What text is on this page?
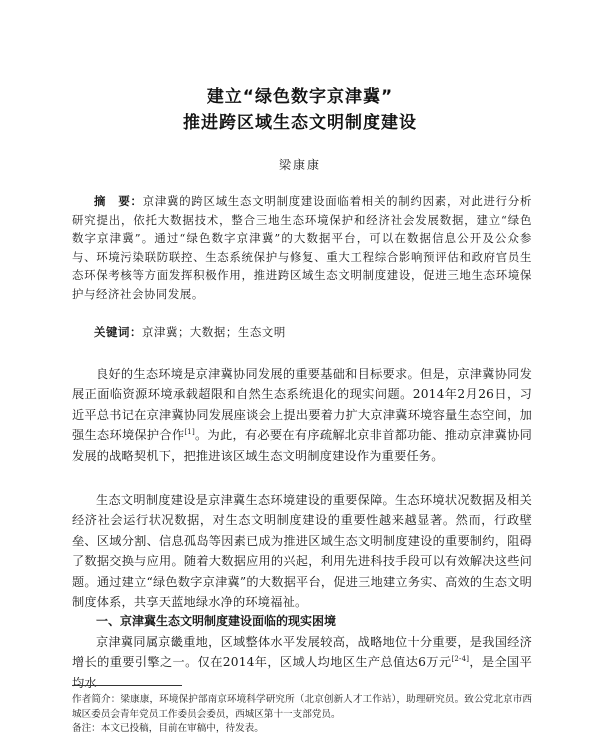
建立“绿色数字京津冀”
推进跨区域生态文明制度建设
梁康康

摘　要：京津冀的跨区域生态文明制度建设面临着相关的制约因素，对此进行分析研究提出，依托大数据技术，整合三地生态环境保护和经济社会发展数据，建立“绿色数字京津冀”。通过“绿色数字京津冀”的大数据平台，可以在数据信息公开及公众参与、环境污染联防联控、生态系统保护与修复、重大工程综合影响预评估和政府官员生态环保考核等方面发挥积极作用，推进跨区域生态文明制度建设，促进三地生态环境保护与经济社会协同发展。

关键词：京津冀；大数据；生态文明

良好的生态环境是京津冀协同发展的重要基础和目标要求。但是，京津冀协同发展正面临资源环境承载超限和自然生态系统退化的现实问题。2014年2月26日，习近平总书记在京津冀协同发展座谈会上提出要着力扩大京津冀环境容量生态空间，加强生态环境保护合作[1]。为此，有必要在有序疏解北京非首都功能、推动京津冀协同发展的战略契机下，把推进该区域生态文明制度建设作为重要任务。

生态文明制度建设是京津冀生态环境建设的重要保障。生态环境状况数据及相关经济社会运行状况数据，对生态文明制度建设的重要性越来越显著。然而，行政壁垒、区域分割、信息孤岛等因素已成为推进区域生态文明制度建设的重要制约，阻碍了数据交换与应用。随着大数据应用的兴起，利用先进科技手段可以有效解决这些问题。通过建立“绿色数字京津冀”的大数据平台，促进三地建立务实、高效的生态文明制度体系，共享天蓝地绿水净的环境福祉。

一、京津冀生态文明制度建设面临的现实困境

京津冀同属京畿重地，区域整体水平发展较高，战略地位十分重要，是我国经济增长的重要引擎之一。仅在2014年，区域人均地区生产总值达6万元[2-4]，是全国平均水

作者简介：梁康康，环境保护部南京环境科学研究所（北京创新人才工作站），助理研究员。致公党北京市西城区委员会青年党员工作委员会委员，西城区第十一支部党员。
备注：本文已投稿，目前在审稿中，待发表。
